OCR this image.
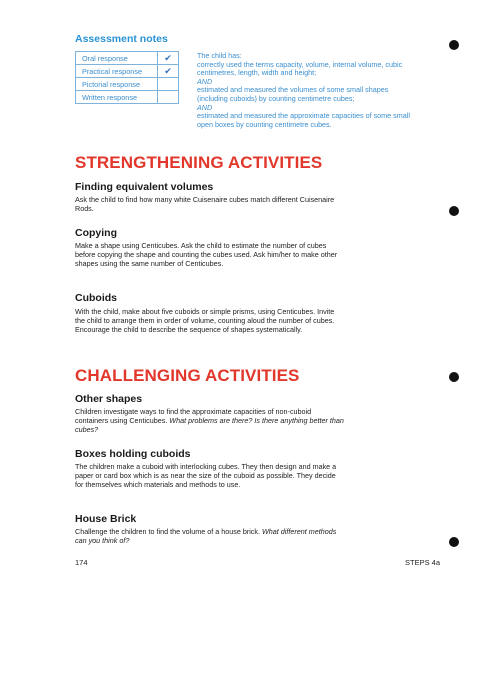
Assessment notes
Oral response	✔
Practical response	✔
Pictorial response	
Written response	
The child has:
correctly used the terms capacity, volume, internal volume, cubic
centimetres, length, width and height;
AND
estimated and measured the volumes of some small shapes
(including cuboids) by counting centimetre cubes;
AND
estimated and measured the approximate capacities of some small
open boxes by counting centimetre cubes.
STRENGTHENING ACTIVITIES
Finding equivalent volumes

Ask the child to find how many white Cuisenaire cubes match different Cuisenaire Rods.

Copying

Make a shape using Centicubes. Ask the child to estimate the number of cubes before copying the shape and counting the cubes used. Ask him/her to make other shapes using the same number of Centicubes.

Cuboids

With the child, make about five cuboids or simple prisms, using Centicubes. Invite the child to arrange them in order of volume, counting aloud the number of cubes. Encourage the child to describe the sequence of shapes systematically.

CHALLENGING ACTIVITIES
Other shapes

Children investigate ways to find the approximate capacities of non-cuboid containers using Centicubes. What problems are there? Is there anything better than cubes?

Boxes holding cuboids

The children make a cuboid with interlocking cubes. They then design and make a paper or card box which is as near the size of the cuboid as possible. They decide for themselves which materials and methods to use.

House Brick

Challenge the children to find the volume of a house brick. What different methods can you think of?

174	STEPS 4a
